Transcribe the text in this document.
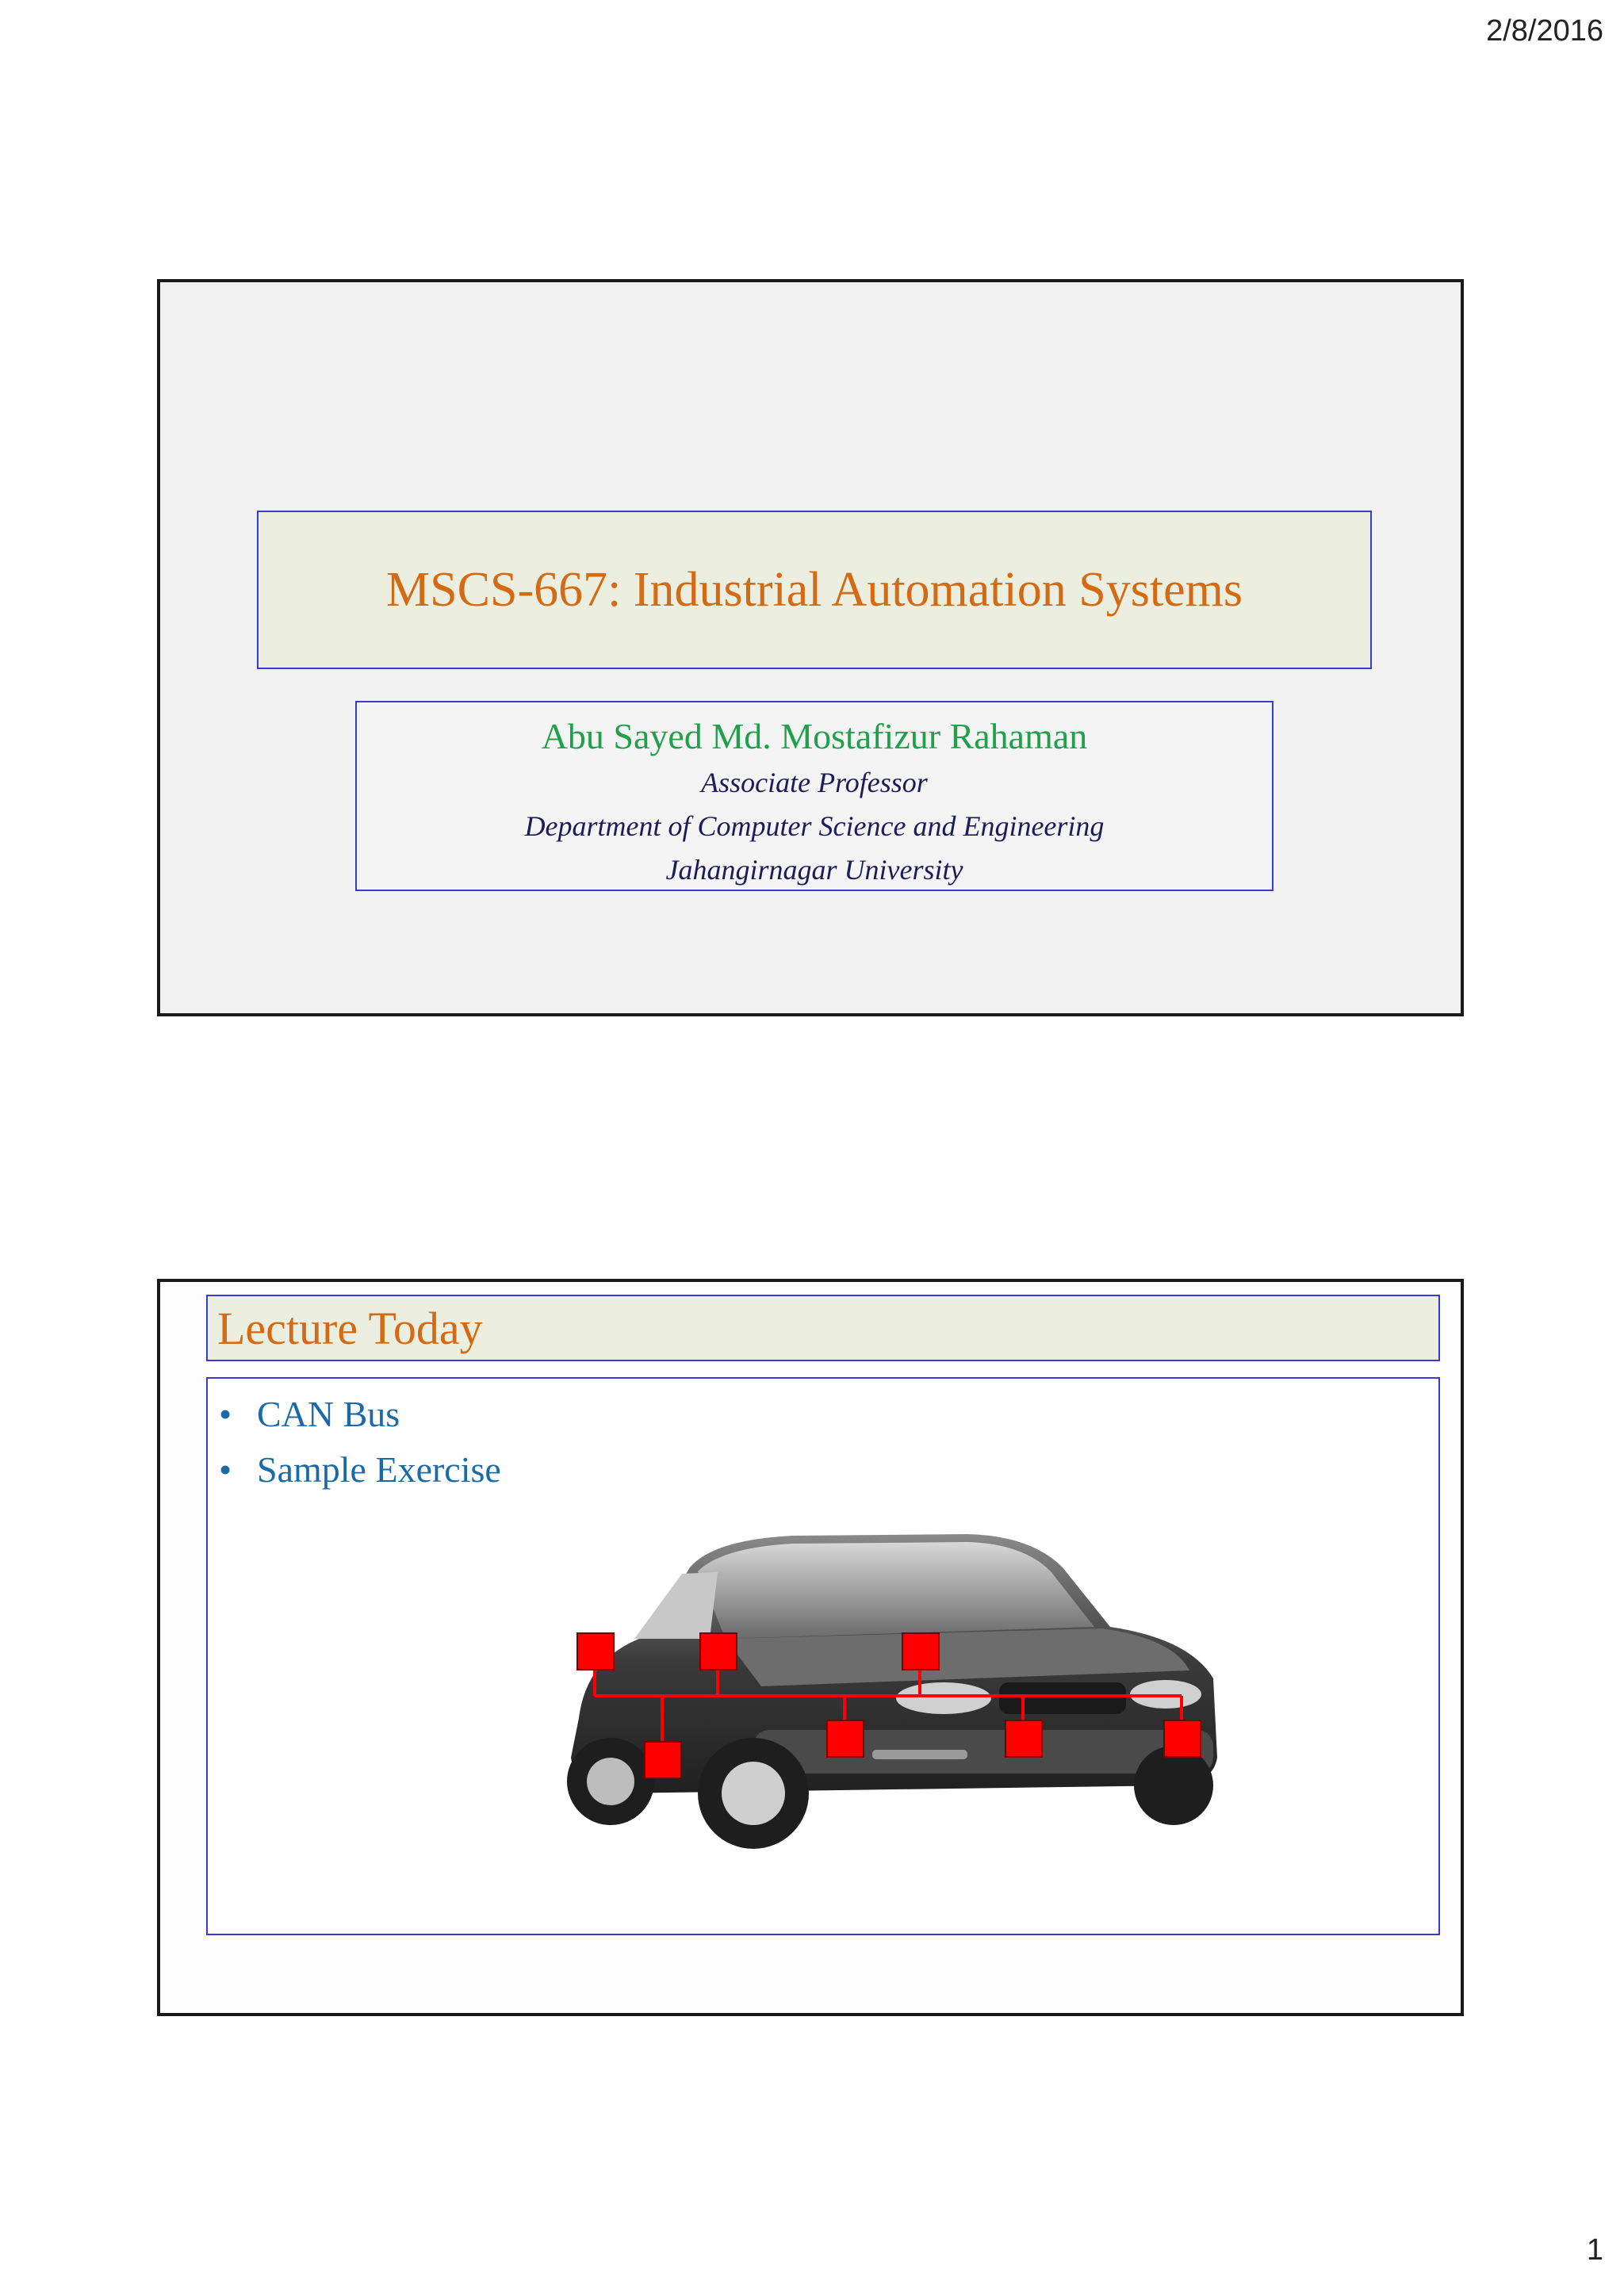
2/8/2016
MSCS-667: Industrial Automation Systems
Abu Sayed Md. Mostafizur Rahaman
Associate Professor
Department of Computer Science and Engineering
Jahangirnagar University
Lecture Today
• CAN Bus
• Sample Exercise
1
